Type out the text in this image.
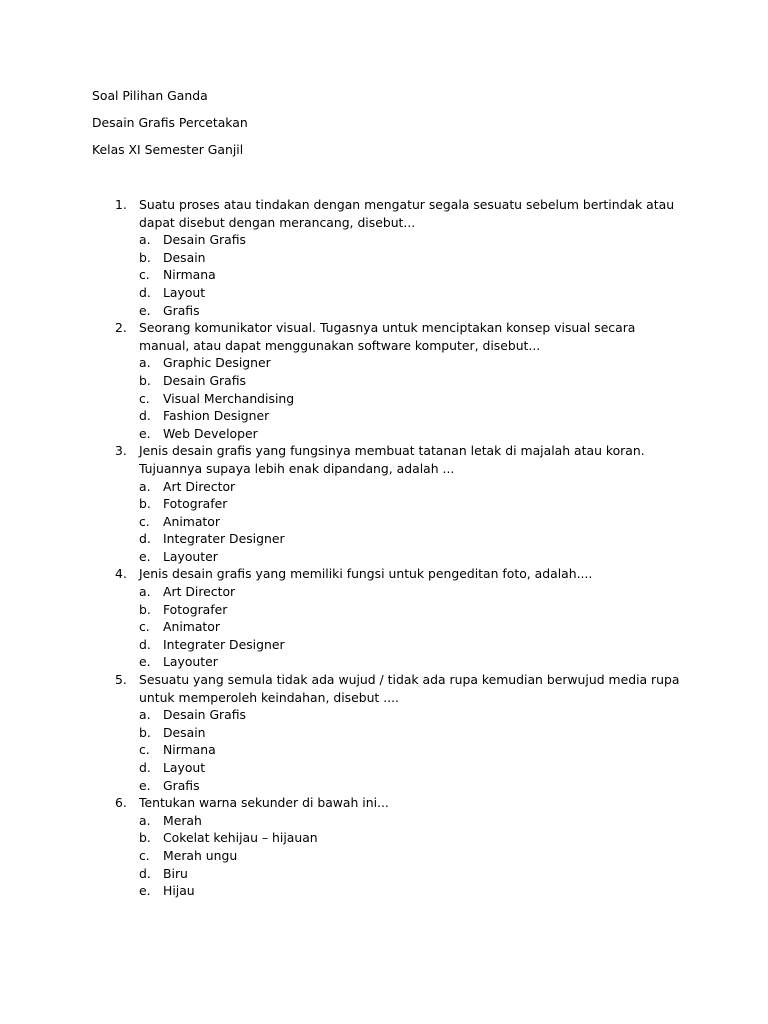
Soal Pilihan Ganda
Desain Grafis Percetakan
Kelas XI Semester Ganjil
1. Suatu proses atau tindakan dengan mengatur segala sesuatu sebelum bertindak atau dapat disebut dengan merancang, disebut...
a. Desain Grafis
b. Desain
c. Nirmana
d. Layout
e. Grafis
2. Seorang komunikator visual. Tugasnya untuk menciptakan konsep visual secara manual, atau dapat menggunakan software komputer, disebut...
a. Graphic Designer
b. Desain Grafis
c. Visual Merchandising
d. Fashion Designer
e. Web Developer
3. Jenis desain grafis yang fungsinya membuat tatanan letak di majalah atau koran. Tujuannya supaya lebih enak dipandang, adalah ...
a. Art Director
b. Fotografer
c. Animator
d. Integrater Designer
e. Layouter
4. Jenis desain grafis yang memiliki fungsi untuk pengeditan foto, adalah....
a. Art Director
b. Fotografer
c. Animator
d. Integrater Designer
e. Layouter
5. Sesuatu yang semula tidak ada wujud / tidak ada rupa kemudian berwujud media rupa untuk memperoleh keindahan, disebut ....
a. Desain Grafis
b. Desain
c. Nirmana
d. Layout
e. Grafis
6. Tentukan warna sekunder di bawah ini...
a. Merah
b. Cokelat kehijau – hijauan
c. Merah ungu
d. Biru
e. Hijau
